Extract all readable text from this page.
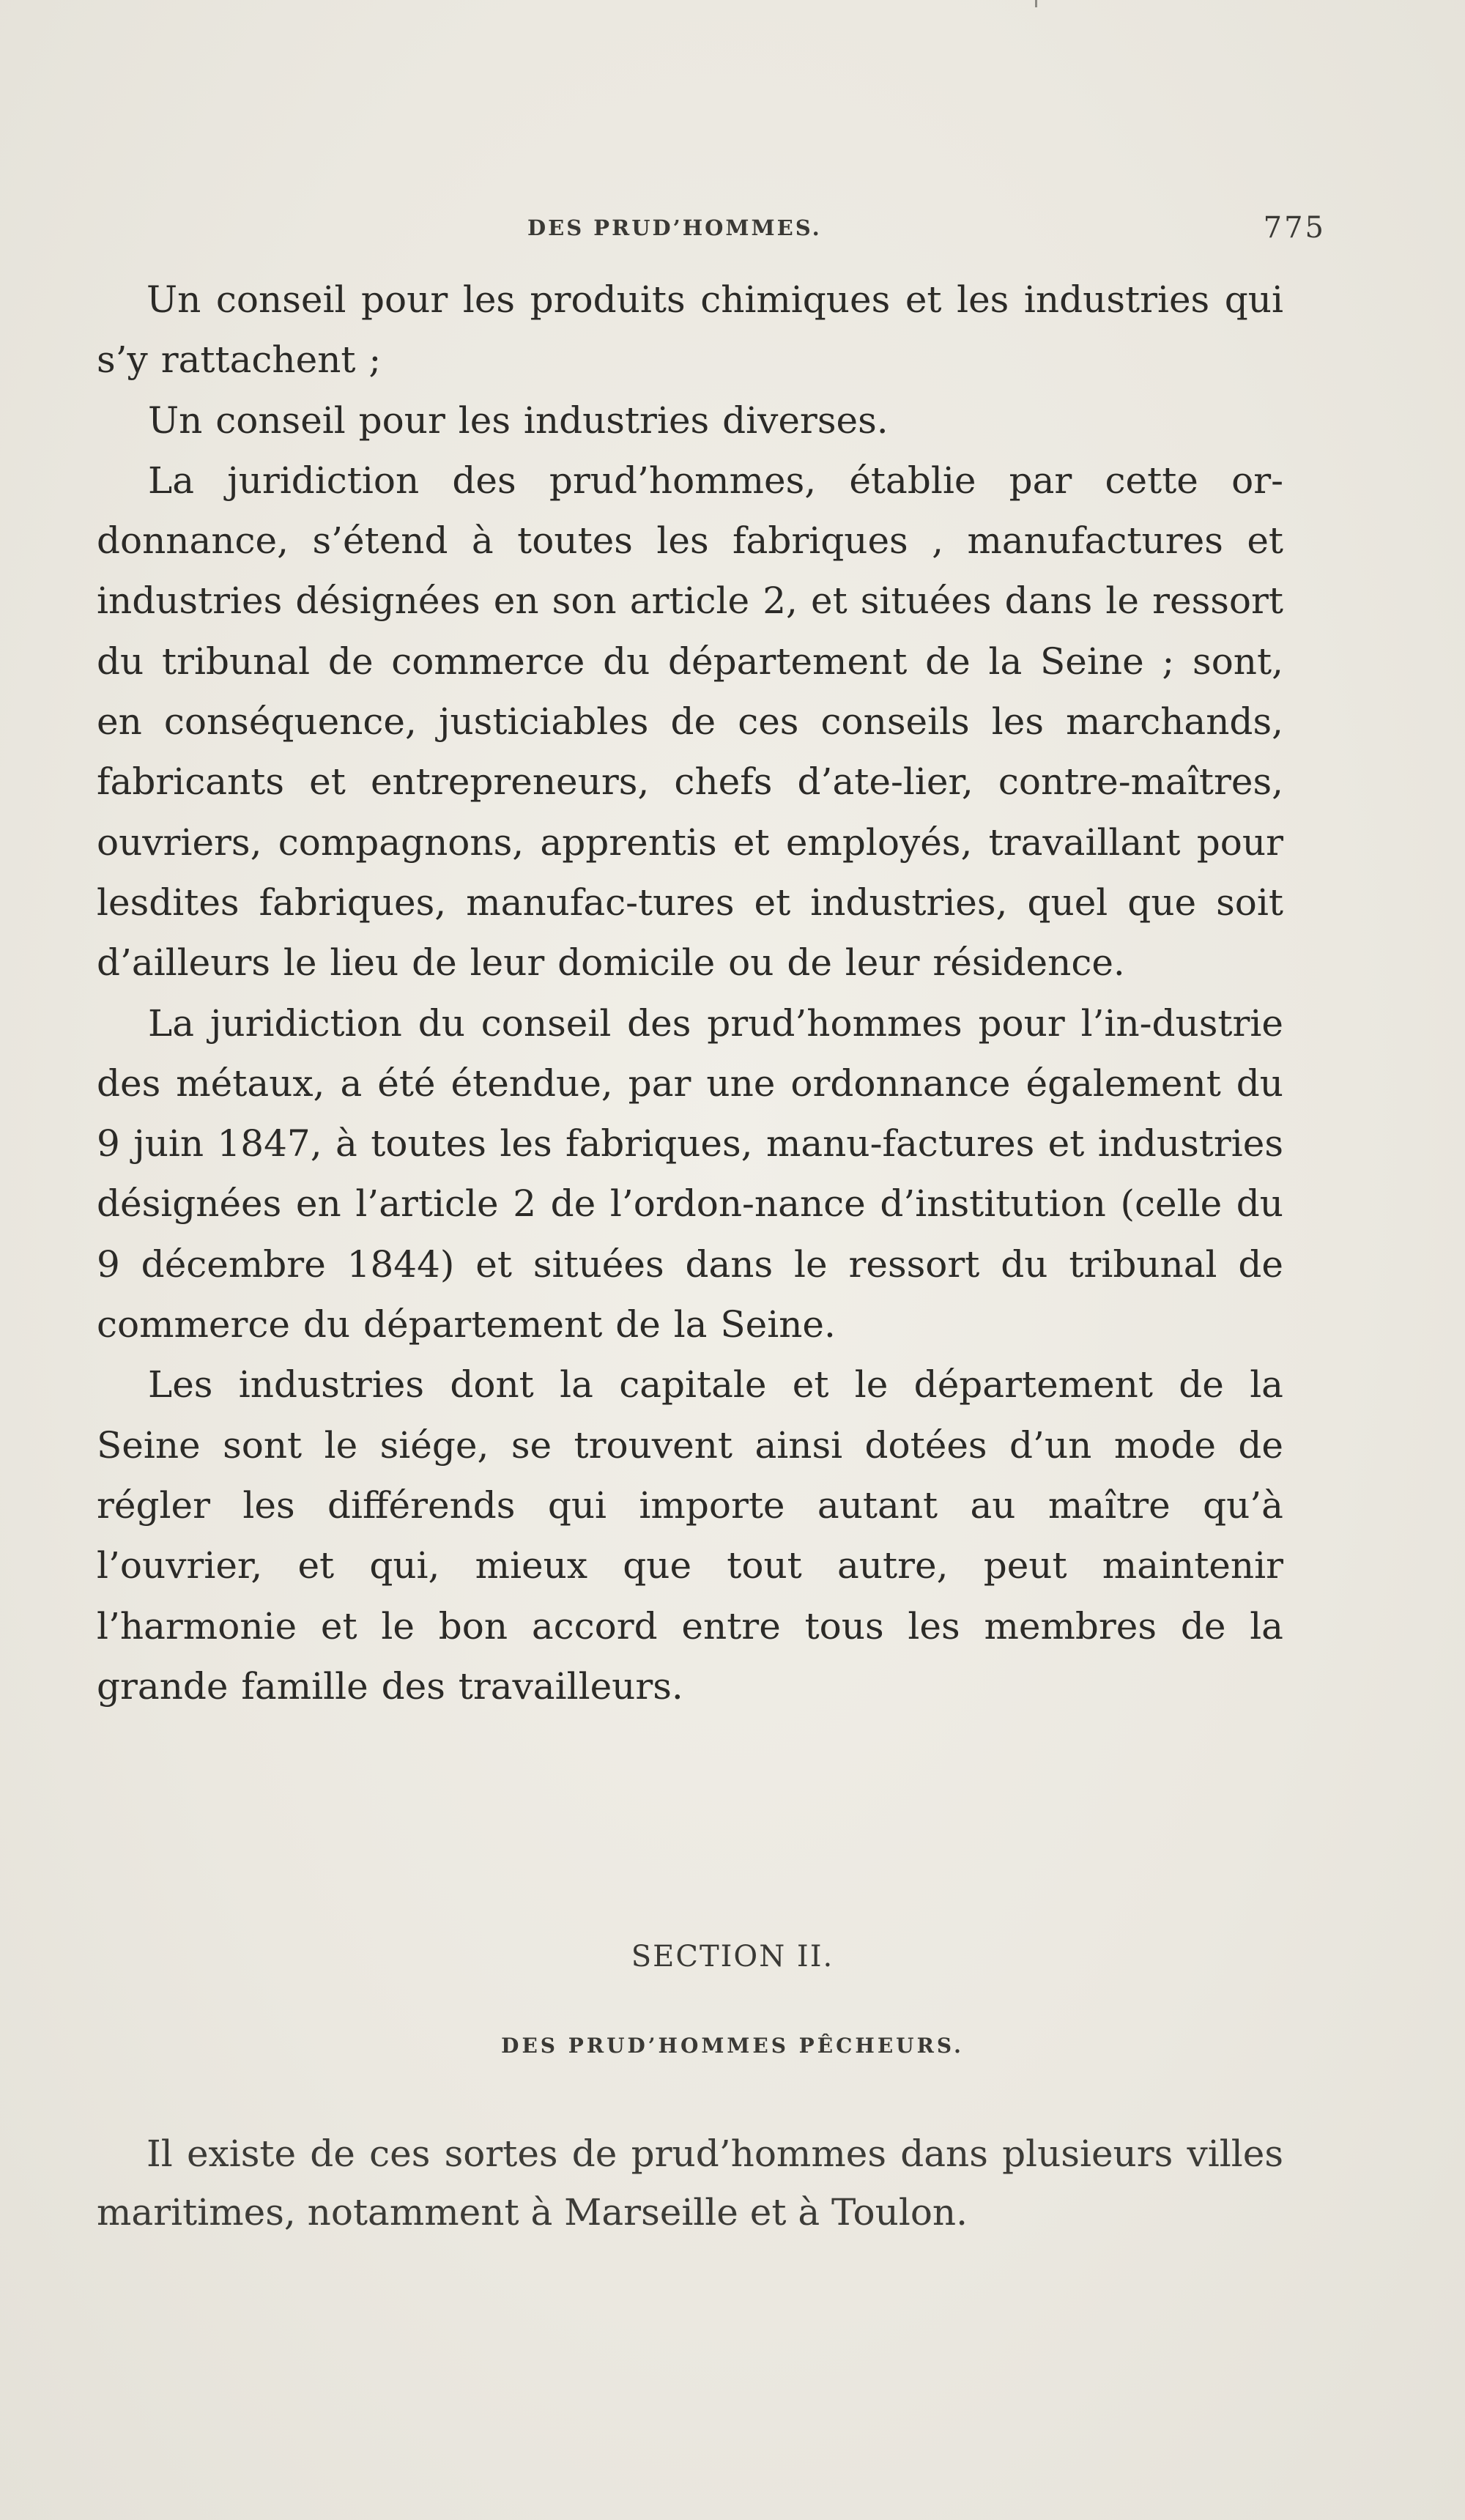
DES PRUD’HOMMES.	775

Un conseil pour les produits chimiques et les industries qui s’y rattachent ;

Un conseil pour les industries diverses.

La juridiction des prud’hommes, établie par cette or-donnance, s’étend à toutes les fabriques , manufactures et industries désignées en son article 2, et situées dans le ressort du tribunal de commerce du département de la Seine ; sont, en conséquence, justiciables de ces conseils les marchands, fabricants et entrepreneurs, chefs d’ate-lier, contre-maîtres, ouvriers, compagnons, apprentis et employés, travaillant pour lesdites fabriques, manufac-tures et industries, quel que soit d’ailleurs le lieu de leur domicile ou de leur résidence.

La juridiction du conseil des prud’hommes pour l’in-dustrie des métaux, a été étendue, par une ordonnance également du 9 juin 1847, à toutes les fabriques, manu-factures et industries désignées en l’article 2 de l’ordon-nance d’institution (celle du 9 décembre 1844) et situées dans le ressort du tribunal de commerce du département de la Seine.

Les industries dont la capitale et le département de la Seine sont le siége, se trouvent ainsi dotées d’un mode de régler les différends qui importe autant au maître qu’à l’ouvrier, et qui, mieux que tout autre, peut maintenir l’harmonie et le bon accord entre tous les membres de la grande famille des travailleurs.

SECTION II.
DES PRUD’HOMMES PÊCHEURS.

Il existe de ces sortes de prud’hommes dans plusieurs villes maritimes, notamment à Marseille et à Toulon.
